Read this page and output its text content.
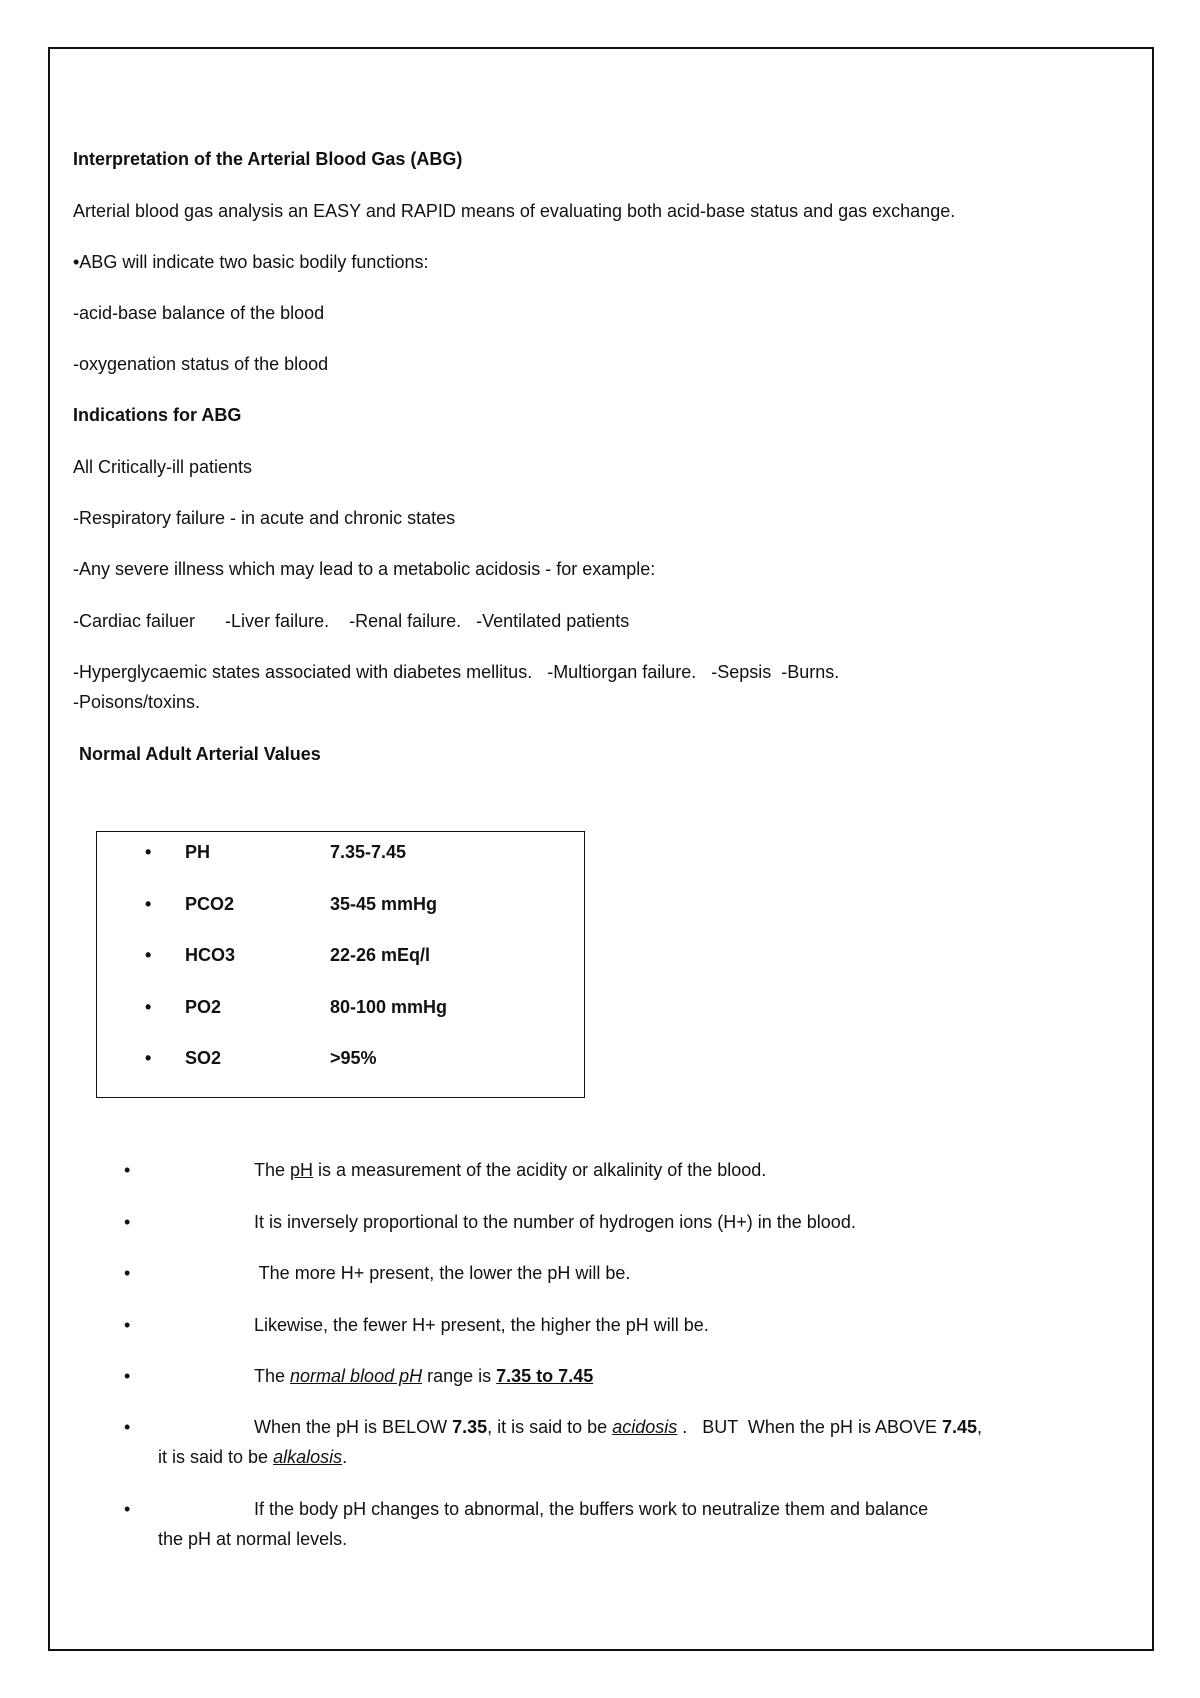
Interpretation of the Arterial Blood Gas (ABG)
Arterial blood gas analysis an EASY and RAPID means of evaluating both acid-base status and gas exchange.
•ABG will indicate two basic bodily functions:
-acid-base balance of the blood
-oxygenation status of the blood
Indications for ABG
All Critically-ill patients
-Respiratory failure - in acute and chronic states
-Any severe illness which may lead to a metabolic acidosis - for example:
-Cardiac failuer      -Liver failure.    -Renal failure.   -Ventilated patients
-Hyperglycaemic states associated with diabetes mellitus.   -Multiorgan failure.   -Sepsis  -Burns.
-Poisons/toxins.
Normal Adult Arterial Values
• PH	7.35-7.45
• PCO2	35-45 mmHg
• HCO3	22-26 mEq/l
• PO2	80-100 mmHg
• SO2	>95%
•	The pH is a measurement of the acidity or alkalinity of the blood.
•	It is inversely proportional to the number of hydrogen ions (H+) in the blood.
•	The more H+ present, the lower the pH will be.
•	Likewise, the fewer H+ present, the higher the pH will be.
•	The normal blood pH range is 7.35 to 7.45
•	When the pH is BELOW 7.35, it is said to be acidosis .   BUT  When the pH is ABOVE 7.45,
it is said to be alkalosis.
•	If the body pH changes to abnormal, the buffers work to neutralize them and balance
the pH at normal levels.
